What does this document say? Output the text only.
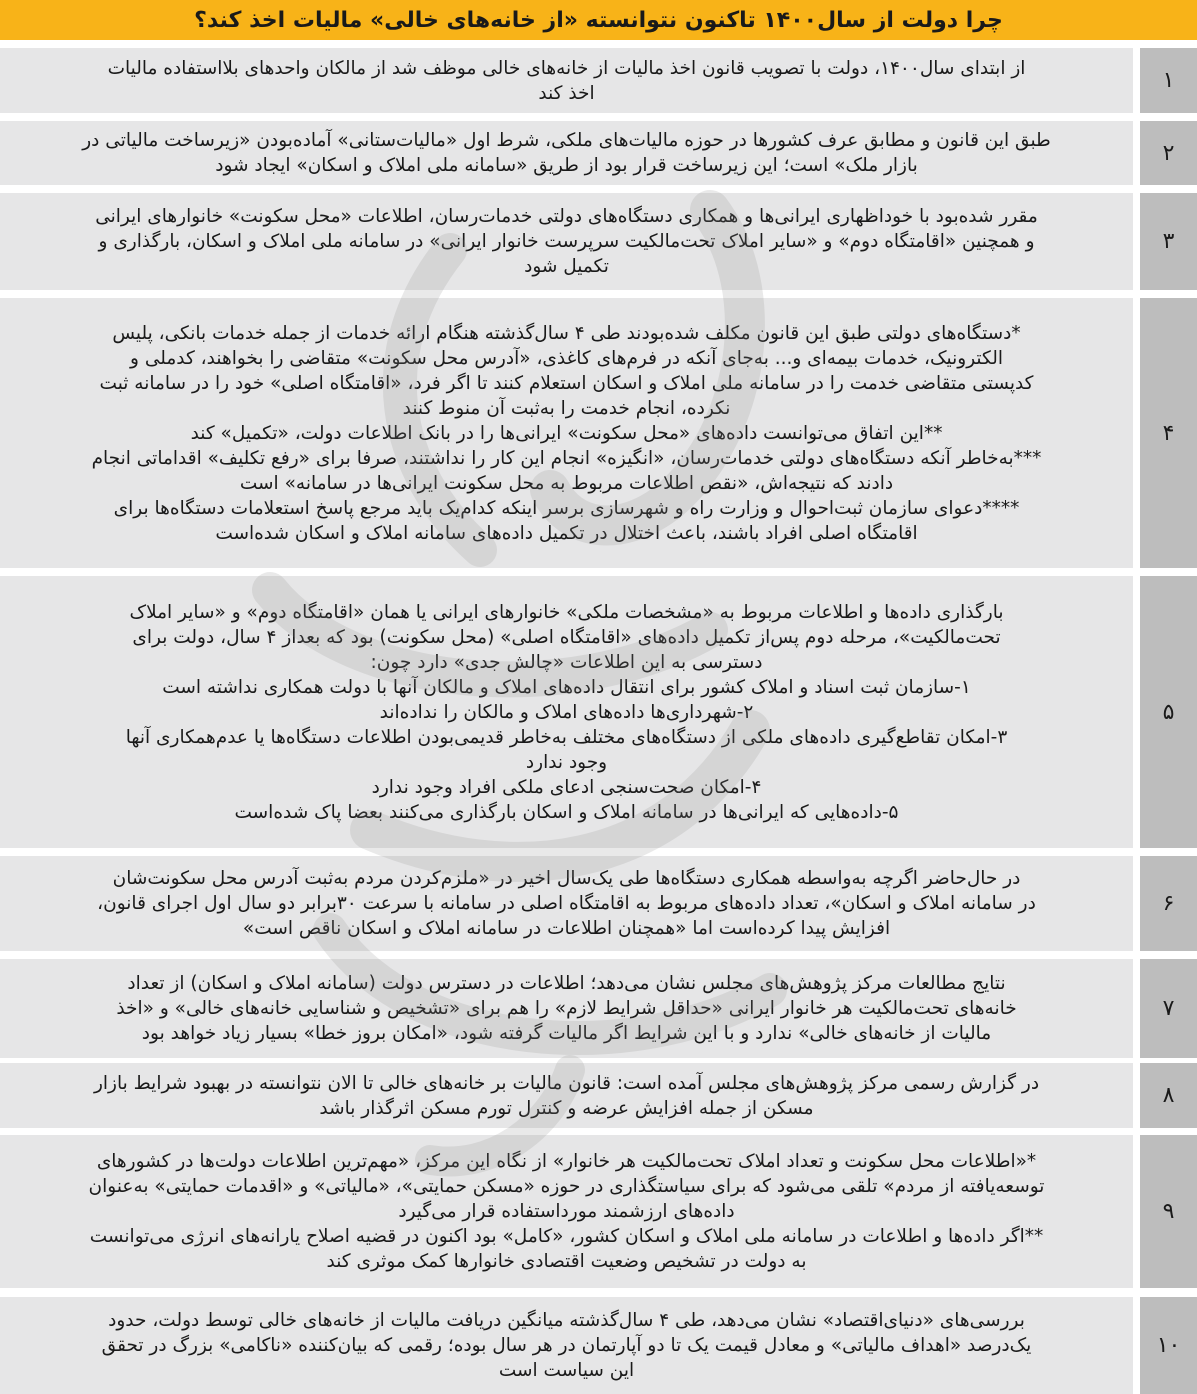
چرا دولت از سال۱۴۰۰ تاکنون نتوانسته «از خانه‌های خالی» مالیات اخذ کند؟
از ابتدای سال۱۴۰۰، دولت با تصویب قانون اخذ مالیات از خانه‌های خالی موظف شد از مالکان واحدهای بلااستفاده مالیات
اخذ کند	۱
طبق این قانون و مطابق عرف کشورها در حوزه مالیات‌های ملکی، شرط اول «مالیات‌ستانی» آماده‌بودن «زیرساخت مالیاتی در
بازار ملک» است؛ این زیرساخت قرار بود از طریق «سامانه ملی املاک و اسکان» ایجاد شود	۲
مقرر شده‌بود با خوداظهاری ایرانی‌ها و همکاری دستگاه‌های دولتی خدمات‌رسان، اطلاعات «محل سکونت» خانوارهای ایرانی
و همچنین «اقامتگاه دوم» و «سایر املاک تحت‌مالکیت سرپرست خانوار ایرانی» در سامانه ملی املاک و اسکان، بارگذاری و
تکمیل شود
۳
*دستگاه‌های دولتی طبق این قانون مکلف شده‌بودند طی ۴ سال‌گذشته هنگام ارائه خدمات از جمله خدمات بانکی، پلیس
الکترونیک، خدمات بیمه‌ای و... به‌جای آنکه در فرم‌های کاغذی، «آدرس محل سکونت» متقاضی را بخواهند، کدملی و
کدپستی متقاضی خدمت را در سامانه ملی املاک و اسکان استعلام کنند تا اگر فرد، «اقامتگاه اصلی» خود را در سامانه ثبت
نکرده، انجام خدمت را به‌ثبت آن منوط کنند
**این اتفاق می‌توانست داده‌های «محل سکونت» ایرانی‌ها را در بانک اطلاعات دولت، «تکمیل» کند
***به‌خاطر آنکه دستگاه‌های دولتی خدمات‌رسان، «انگیزه» انجام این کار را نداشتند، صرفا برای «رفع تکلیف» اقداماتی انجام
دادند که نتیجه‌اش، «نقص اطلاعات مربوط به محل سکونت ایرانی‌ها در سامانه» است
****دعوای سازمان ثبت‌احوال و وزارت راه و شهرسازی برسر اینکه کدام‌یک باید مرجع پاسخ استعلامات دستگاه‌ها برای
اقامتگاه اصلی افراد باشند، باعث اختلال در تکمیل داده‌های سامانه املاک و اسکان شده‌است
۴
بارگذاری داده‌ها و اطلاعات مربوط به «مشخصات ملکی» خانوارهای ایرانی یا همان «اقامتگاه دوم» و «سایر املاک
تحت‌مالکیت»، مرحله دوم پس‌از تکمیل داده‌های «اقامتگاه اصلی» (محل سکونت) بود که بعداز ۴ سال، دولت برای
دسترسی به این اطلاعات «چالش جدی» دارد چون:
۱-سازمان ثبت اسناد و املاک کشور برای انتقال داده‌های املاک و مالکان آنها با دولت همکاری نداشته است
۲-شهرداری‌ها داده‌های املاک و مالکان را نداده‌اند
۳-امکان تقاطع‌گیری داده‌های ملکی از دستگاه‌های مختلف به‌خاطر قدیمی‌بودن اطلاعات دستگاه‌ها یا عدم‌همکاری آنها
وجود ندارد
۴-امکان صحت‌سنجی ادعای ملکی افراد وجود ندارد
۵-داده‌هایی که ایرانی‌ها در سامانه املاک و اسکان بارگذاری می‌کنند بعضا پاک شده‌است
۵
در حال‌حاضر اگرچه به‌واسطه همکاری دستگاه‌ها طی یک‌سال اخیر در «ملزم‌کردن مردم به‌ثبت آدرس محل سکونت‌شان
در سامانه املاک و اسکان»، تعداد داده‌های مربوط به اقامتگاه اصلی در سامانه با سرعت ۳۰برابر دو سال اول اجرای قانون،
افزایش پیدا کرده‌است اما «همچنان اطلاعات در سامانه املاک و اسکان ناقص است»
۶
نتایج مطالعات مرکز پژوهش‌های مجلس نشان می‌دهد؛ اطلاعات در دسترس دولت (سامانه املاک و اسکان) از تعداد
خانه‌های تحت‌مالکیت هر خانوار ایرانی «حداقل شرایط لازم» را هم برای «تشخیص و شناسایی خانه‌های خالی» و «اخذ
مالیات از خانه‌های خالی» ندارد و با این شرایط اگر مالیات گرفته شود، «امکان بروز خطا» بسیار زیاد خواهد بود
۷
در گزارش رسمی مرکز پژوهش‌های مجلس آمده است: قانون مالیات بر خانه‌های خالی تا الان نتوانسته در بهبود شرایط بازار
مسکن از جمله افزایش عرضه و کنترل تورم مسکن اثرگذار باشد	۸
*«اطلاعات محل سکونت و تعداد املاک تحت‌مالکیت هر خانوار» از نگاه این مرکز، «مهم‌ترین اطلاعات دولت‌ها در کشورهای
توسعه‌یافته از مردم» تلقی می‌شود که برای سیاستگذاری در حوزه «مسکن حمایتی»، «مالیاتی» و «اقدمات حمایتی» به‌عنوان
داده‌های ارزشمند مورداستفاده قرار می‌گیرد
**اگر داده‌ها و اطلاعات در سامانه ملی املاک و اسکان کشور، «کامل» بود اکنون در قضیه اصلاح یارانه‌های انرژی می‌توانست
به دولت در تشخیص وضعیت اقتصادی خانوارها کمک موثری کند
۹
بررسی‌های «دنیای‌اقتصاد» نشان می‌دهد، طی ۴ سال‌گذشته میانگین دریافت مالیات از خانه‌های خالی توسط دولت، حدود
یک‌درصد «اهداف مالیاتی» و معادل قیمت یک تا دو آپارتمان در هر سال بوده؛ رقمی که بیان‌کننده «ناکامی» بزرگ در تحقق
این سیاست است
۱۰
